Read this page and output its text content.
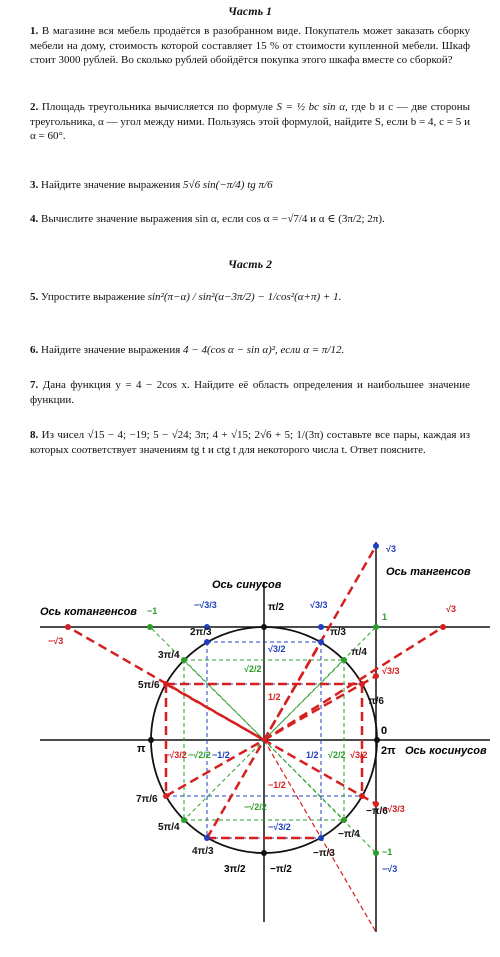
Часть 1
1. В магазине вся мебель продаётся в разобранном виде. Покупатель может заказать сборку мебели на дому, стоимость которой составляет 15 % от стоимости купленной мебели. Шкаф стоит 3000 рублей. Во сколько рублей обойдётся покупка этого шкафа вместе со сборкой?
2. Площадь треугольника вычисляется по формуле S = ½ bc sin α, где b и c — две стороны треугольника, α — угол между ними. Пользуясь этой формулой, найдите S, если b = 4, c = 5 и α = 60°.
3. Найдите значение выражения 5√6 sin(−π/4) tg π/6
4. Вычислите значение выражения sin α, если cos α = −√7/4 и α ∈ (3π/2; 2π).
Часть 2
5. Упростите выражение sin²(π−α) / sin²(α−3π/2) − 1/cos²(α+π) + 1.
6. Найдите значение выражения 4 − 4(cos α − sin α)², если α = π/12.
7. Дана функция y = 4 − 2cos x. Найдите её область определения и наибольшее значение функции.
8. Из чисел √15 − 4; −19; 5 − √24; 3π; 4 + √15; 2√6 + 5; 1/(3π) составьте все пары, каждая из которых соответствует значениям tg t и ctg t для некоторого числа t. Ответ поясните.
Ось синусов
Ось тангенсов
Ось котангенсов
Ось косинусов
0
2π
π
π/2
−π/2
3π/2
π/3
2π/3
π/4
3π/4
π/6
5π/6
7π/6
5π/4
4π/3
−π/6
−π/4
−π/3
√3
1
√3/3
−√3/3
−1
−√3
√3
−√3
−1
−√3/3	√3/3
√3/2
√2/2
1/2
−1/2
−√2/2
−√3/2
−√3/2 −√2/2 −1/2	1/2 √2/2 √3/2
